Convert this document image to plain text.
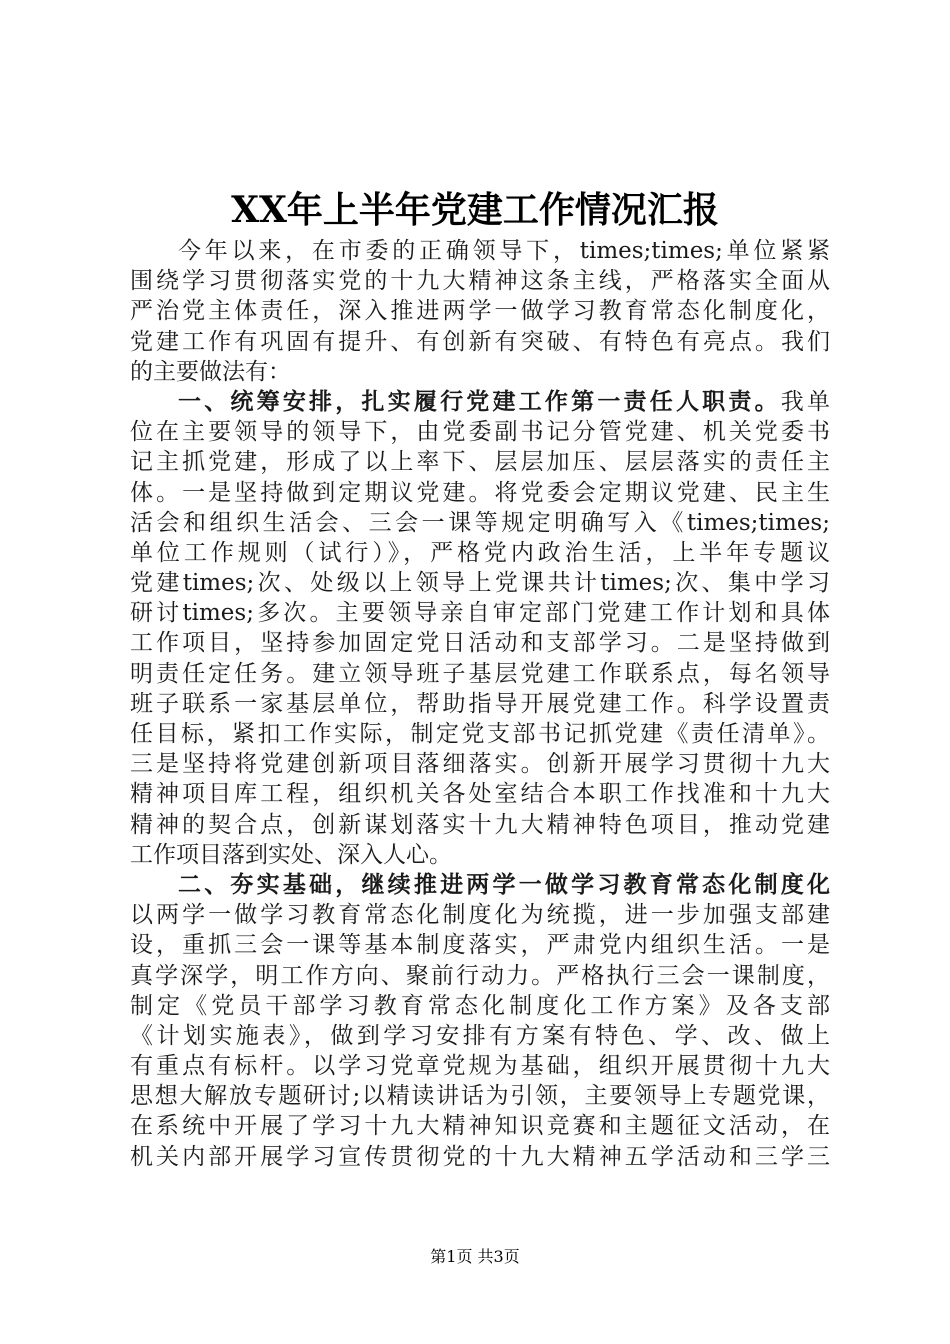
XX年上半年党建工作情况汇报
今年以来，在市委的正确领导下，times;times;单位紧紧
围绕学习贯彻落实党的十九大精神这条主线，严格落实全面从
严治党主体责任，深入推进两学一做学习教育常态化制度化，
党建工作有巩固有提升、有创新有突破、有特色有亮点。我们
的主要做法有：
一、统筹安排，扎实履行党建工作第一责任人职责。我单
位在主要领导的领导下，由党委副书记分管党建、机关党委书
记主抓党建，形成了以上率下、层层加压、层层落实的责任主
体。一是坚持做到定期议党建。将党委会定期议党建、民主生
活会和组织生活会、三会一课等规定明确写入《times;times;
单位工作规则（试行）》，严格党内政治生活，上半年专题议
党建times;次、处级以上领导上党课共计times;次、集中学习
研讨times;多次。主要领导亲自审定部门党建工作计划和具体
工作项目，坚持参加固定党日活动和支部学习。二是坚持做到
明责任定任务。建立领导班子基层党建工作联系点，每名领导
班子联系一家基层单位，帮助指导开展党建工作。科学设置责
任目标，紧扣工作实际，制定党支部书记抓党建《责任清单》。
三是坚持将党建创新项目落细落实。创新开展学习贯彻十九大
精神项目库工程，组织机关各处室结合本职工作找准和十九大
精神的契合点，创新谋划落实十九大精神特色项目，推动党建
工作项目落到实处、深入人心。
二、夯实基础，继续推进两学一做学习教育常态化制度化
以两学一做学习教育常态化制度化为统揽，进一步加强支部建
设，重抓三会一课等基本制度落实，严肃党内组织生活。一是
真学深学，明工作方向、聚前行动力。严格执行三会一课制度，
制定《党员干部学习教育常态化制度化工作方案》及各支部
《计划实施表》，做到学习安排有方案有特色、学、改、做上
有重点有标杆。以学习党章党规为基础，组织开展贯彻十九大
思想大解放专题研讨;以精读讲话为引领，主要领导上专题党课，
在系统中开展了学习十九大精神知识竞赛和主题征文活动，在
机关内部开展学习宣传贯彻党的十九大精神五学活动和三学三
第1页 共3页
